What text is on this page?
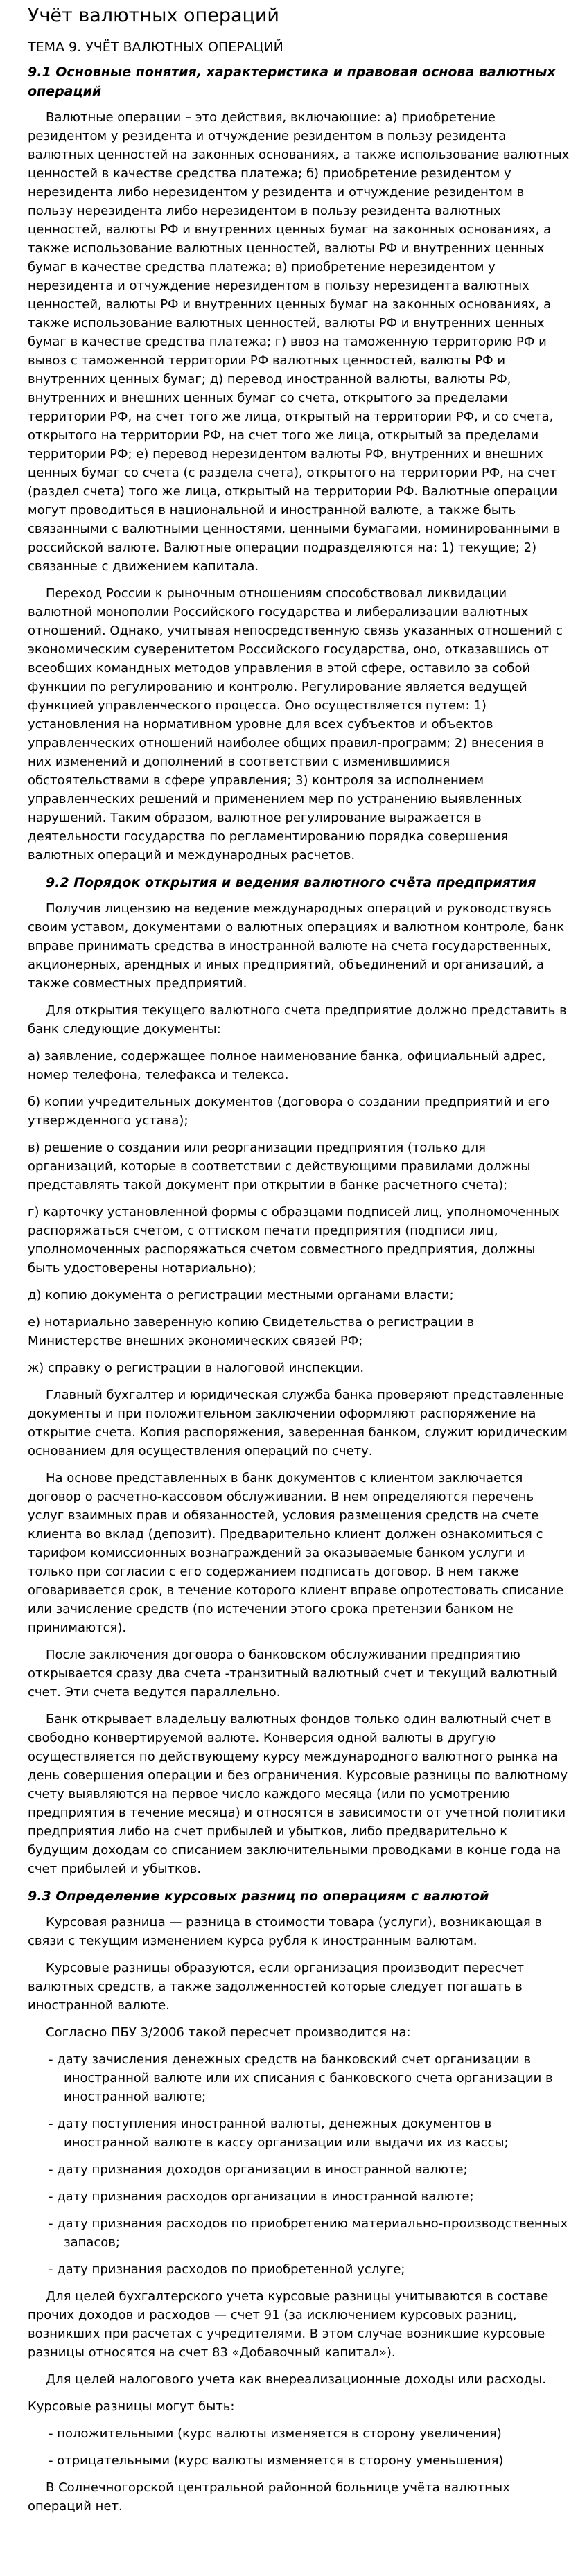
Учёт валютных операций
ТЕМА 9. УЧЁТ ВАЛЮТНЫХ ОПЕРАЦИЙ
9.1 Основные понятия, характеристика и правовая основа валютных операций

Валютные операции – это действия, включающие: а) приобретение резидентом у резидента и отчуждение резидентом в пользу резидента валютных ценностей на законных основаниях, а также использование валютных ценностей в качестве средства платежа; б) приобретение резидентом у нерезидента либо нерезидентом у резидента и отчуждение резидентом в пользу нерезидента либо нерезидентом в пользу резидента валютных ценностей, валюты РФ и внутренних ценных бумаг на законных основаниях, а также использование валютных ценностей, валюты РФ и внутренних ценных бумаг в качестве средства платежа; в) приобретение нерезидентом у нерезидента и отчуждение нерезидентом в пользу нерезидента валютных ценностей, валюты РФ и внутренних ценных бумаг на законных основаниях, а также использование валютных ценностей, валюты РФ и внутренних ценных бумаг в качестве средства платежа; г) ввоз на таможенную территорию РФ и вывоз с таможенной территории РФ валютных ценностей, валюты РФ и внутренних ценных бумаг; д) перевод иностранной валюты, валюты РФ, внутренних и внешних ценных бумаг со счета, открытого за пределами территории РФ, на счет того же лица, открытый на территории РФ, и со счета, открытого на территории РФ, на счет того же лица, открытый за пределами территории РФ; е) перевод нерезидентом валюты РФ, внутренних и внешних ценных бумаг со счета (с раздела счета), открытого на территории РФ, на счет (раздел счета) того же лица, открытый на территории РФ. Валютные операции могут проводиться в национальной и иностранной валюте, а также быть связанными с валютными ценностями, ценными бумагами, номинированными в российской валюте. Валютные операции подразделяются на: 1) текущие; 2) связанные с движением капитала.

Переход России к рыночным отношениям способствовал ликвидации валютной монополии Российского государства и либерализации валютных отношений. Однако, учитывая непосредственную связь указанных отношений с экономическим суверенитетом Российского государства, оно, отказавшись от всеобщих командных методов управления в этой сфере, оставило за собой функции по регулированию и контролю. Регулирование является ведущей функцией управленческого процесса. Оно осуществляется путем: 1) установления на нормативном уровне для всех субъектов и объектов управленческих отношений наиболее общих правил-программ; 2) внесения в них изменений и дополнений в соответствии с изменившимися обстоятельствами в сфере управления; 3) контроля за исполнением управленческих решений и применением мер по устранению выявленных нарушений. Таким образом, валютное регулирование выражается в деятельности государства по регламентированию порядка совершения валютных операций и международных расчетов.

9.2 Порядок открытия и ведения валютного счёта предприятия

Получив лицензию на ведение международных операций и руководствуясь своим уставом, документами о валютных операциях и валютном контроле, банк вправе принимать средства в иностранной валюте на счета государственных, акционерных, арендных и иных предприятий, объединений и организаций, а также совместных предприятий.

Для открытия текущего валютного счета предприятие должно представить в банк следующие документы:

а) заявление, содержащее полное наименование банка, официальный адрес, номер телефона, телефакса и телекса.

б) копии учредительных документов (договора о создании предприятий и его утвержденного устава);

в) решение о создании или реорганизации предприятия (только для организаций, которые в соответствии с действующими правилами должны представлять такой документ при открытии в банке расчетного счета);

г) карточку установленной формы с образцами подписей лиц, уполномоченных распоряжаться счетом, с оттиском печати предприятия (подписи лиц, уполномоченных распоряжаться счетом совместного предприятия, должны быть удостоверены нотариально);

д) копию документа о регистрации местными органами власти;

е) нотариально заверенную копию Свидетельства о регистрации в Министерстве внешних экономических связей РФ;

ж) справку о регистрации в налоговой инспекции.

Главный бухгалтер и юридическая служба банка проверяют представленные документы и при положительном заключении оформляют распоряжение на открытие счета. Копия распоряжения, заверенная банком, служит юридическим основанием для осуществления операций по счету.

На основе представленных в банк документов с клиентом заключается договор о расчетно-кассовом обслуживании. В нем определяются перечень услуг взаимных прав и обязанностей, условия размещения средств на счете клиента во вклад (депозит). Предварительно клиент должен ознакомиться с тарифом комиссионных вознаграждений за оказываемые банком услуги и только при согласии с его содержанием подписать договор. В нем также оговаривается срок, в течение которого клиент вправе опротестовать списание или зачисление средств (по истечении этого срока претензии банком не принимаются).

После заключения договора о банковском обслуживании предприятию открывается сразу два счета -транзитный валютный счет и текущий валютный счет. Эти счета ведутся параллельно.

Банк открывает владельцу валютных фондов только один валютный счет в свободно конвертируемой валюте. Конверсия одной валюты в другую осуществляется по действующему курсу международного валютного рынка на день совершения операции и без ограничения. Курсовые разницы по валютному счету выявляются на первое число каждого месяца (или по усмотрению предприятия в течение месяца) и относятся в зависимости от учетной политики предприятия либо на счет прибылей и убытков, либо предварительно к будущим доходам со списанием заключительными проводками в конце года на счет прибылей и убытков.

9.3 Определение курсовых разниц по операциям с валютой

Курсовая разница — разница в стоимости товара (услуги), возникающая в связи с текущим изменением курса рубля к иностранным валютам.

Курсовые разницы образуются, если организация производит пересчет валютных средств, а также задолженностей которые следует погашать в иностранной валюте.

Согласно ПБУ 3/2006 такой пересчет производится на:

- дату зачисления денежных средств на банковский счет организации в иностранной валюте или их списания с банковского счета организации в иностранной валюте;

- дату поступления иностранной валюты, денежных документов в иностранной валюте в кассу организации или выдачи их из кассы;

- дату признания доходов организации в иностранной валюте;

- дату признания расходов организации в иностранной валюте;

- дату признания расходов по приобретению материально-производственных запасов;

- дату признания расходов по приобретенной услуге;

Для целей бухгалтерского учета курсовые разницы учитываются в составе прочих доходов и расходов — счет 91 (за исключением курсовых разниц, возникших при расчетах с учредителями. В этом случае возникшие курсовые разницы относятся на счет 83 «Добавочный капитал»).

Для целей налогового учета как внереализационные доходы или расходы.

Курсовые разницы могут быть:

- положительными (курс валюты изменяется в сторону увеличения)

- отрицательными (курс валюты изменяется в сторону уменьшения)

В Солнечногорской центральной районной больнице учёта валютных операций нет.
